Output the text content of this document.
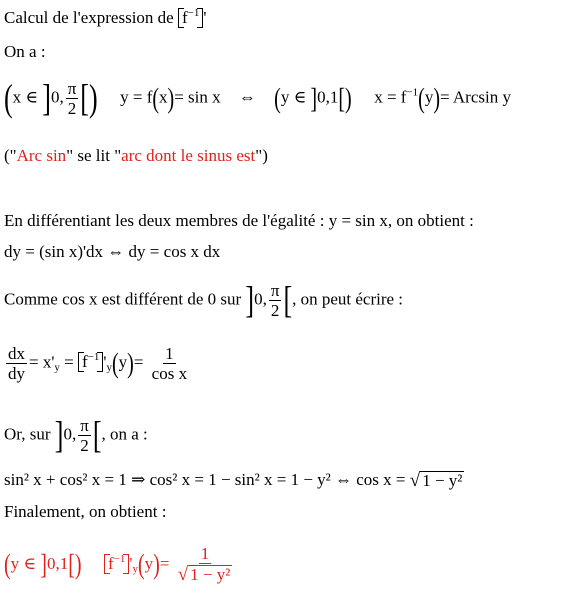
Calcul de l'expression de $f^{-1}$ '
On a :
(x ∈ ]0, $\frac{\pi}{2}$ [) y = f(x)= sin x ⇔ (y ∈ ]0,1[) $x = f^{-1}(y)= Arcsin$ y
("Arc sin" se lit "arc dont le sinus est")
En différentiant les deux membres de l'égalité : y = sin x, on obtient :
dy = (sin x)'dx ⇔ dy = cos x dx
Comme cos x est différent de 0 sur ]0, $\frac{\pi}{2}$ [, on peut écrire :
$\frac{dx}{dy} = x'_y = f^{-1}$ '$_y(y)= \frac{1}{\text{cos x}}$
Or, sur ]0, $\frac{\pi}{2}$ [, on a :
sin² x + cos² x = 1 ⇒ cos² x = 1 − sin² x = 1 − y² ⇔ cos x = √ 1 − y²
Finalement, on obtient :
(y ∈ ]0,1[) $f^{-1}$ '$_y(y)= \frac{1}{\text{√ 1 − y²}}$
